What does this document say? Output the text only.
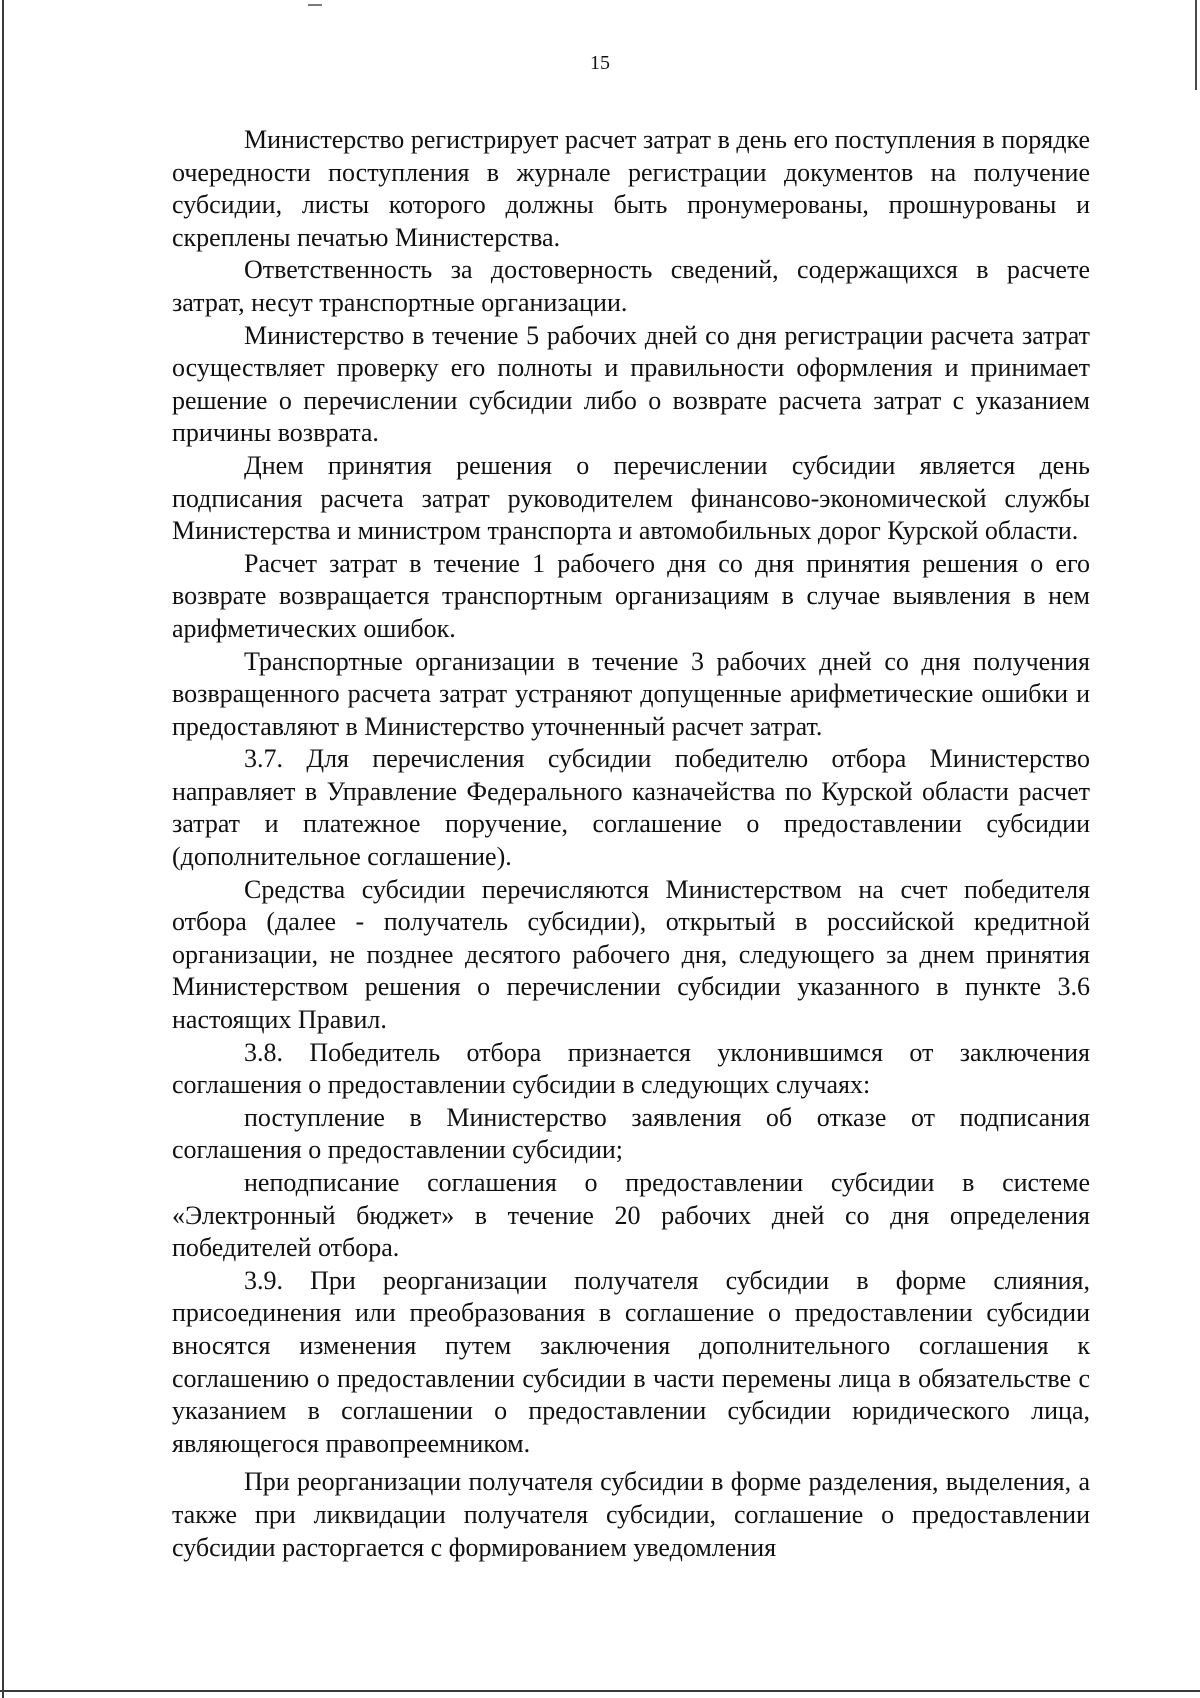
15

Министерство регистрирует расчет затрат в день его поступления в порядке очередности поступления в журнале регистрации документов на получение субсидии, листы которого должны быть пронумерованы, прошнурованы и скреплены печатью Министерства.

Ответственность за достоверность сведений, содержащихся в расчете затрат, несут транспортные организации.

Министерство в течение 5 рабочих дней со дня регистрации расчета затрат осуществляет проверку его полноты и правильности оформления и принимает решение о перечислении субсидии либо о возврате расчета затрат с указанием причины возврата.

Днем принятия решения о перечислении субсидии является день подписания расчета затрат руководителем финансово-экономической службы Министерства и министром транспорта и автомобильных дорог Курской области.

Расчет затрат в течение 1 рабочего дня со дня принятия решения о его возврате возвращается транспортным организациям в случае выявления в нем арифметических ошибок.

Транспортные организации в течение 3 рабочих дней со дня получения возвращенного расчета затрат устраняют допущенные арифметические ошибки и предоставляют в Министерство уточненный расчет затрат.

3.7. Для перечисления субсидии победителю отбора Министерство направляет в Управление Федерального казначейства по Курской области расчет затрат и платежное поручение, соглашение о предоставлении субсидии (дополнительное соглашение).

Средства субсидии перечисляются Министерством на счет победителя отбора (далее - получатель субсидии), открытый в российской кредитной организации, не позднее десятого рабочего дня, следующего за днем принятия Министерством решения о перечислении субсидии указанного в пункте 3.6 настоящих Правил.

3.8. Победитель отбора признается уклонившимся от заключения соглашения о предоставлении субсидии в следующих случаях:

поступление в Министерство заявления об отказе от подписания соглашения о предоставлении субсидии;

неподписание соглашения о предоставлении субсидии в системе «Электронный бюджет» в течение 20 рабочих дней со дня определения победителей отбора.

3.9. При реорганизации получателя субсидии в форме слияния, присоединения или преобразования в соглашение о предоставлении субсидии вносятся изменения путем заключения дополнительного соглашения к соглашению о предоставлении субсидии в части перемены лица в обязательстве с указанием в соглашении о предоставлении субсидии юридического лица, являющегося правопреемником.

При реорганизации получателя субсидии в форме разделения, выделения, а также при ликвидации получателя субсидии, соглашение о предоставлении субсидии расторгается с формированием уведомления
